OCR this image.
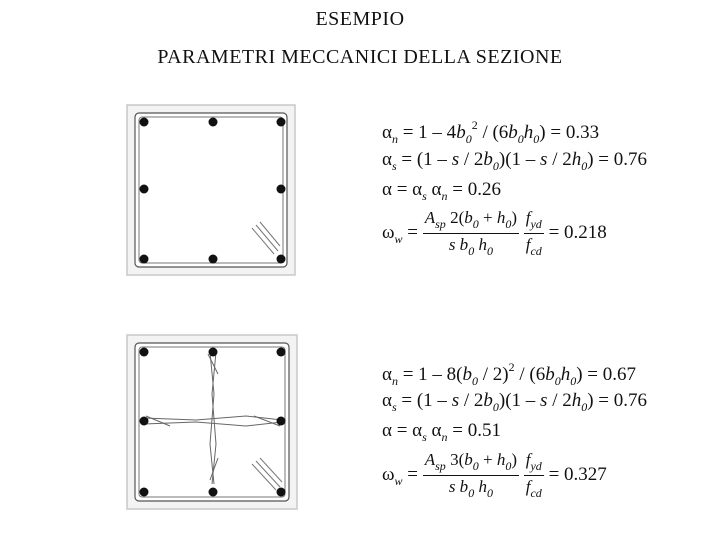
ESEMPIO
PARAMETRI MECCANICI DELLA SEZIONE
$\alpha_n = 1 - 4b_0^2 / (6b_0h_0) = 0.33$
$\alpha_s = (1 - s / 2b_0)(1 - s / 2h_0) = 0.76$
$\alpha = \alpha_s$ $\alpha_n = 0.26$
$\omega_w = \frac{A_{sp} 2(b_0 + h_0)}{s b_0 h_0}$
$\frac{f_{yd}}{f_{cd}} = 0.218$
$\alpha_n = 1 - 8(b_0 / 2)^2 / (6b_0h_0) = 0.67$
$\alpha_s = (1 - s / 2b_0)(1 - s / 2h_0) = 0.76$
$\alpha = \alpha_s$ $\alpha_n = 0.51$
$\omega_w = \frac{A_{sp} 3(b_0 + h_0)}{s b_0 h_0}$
$\frac{f_{yd}}{f_{cd}} = 0.327$
